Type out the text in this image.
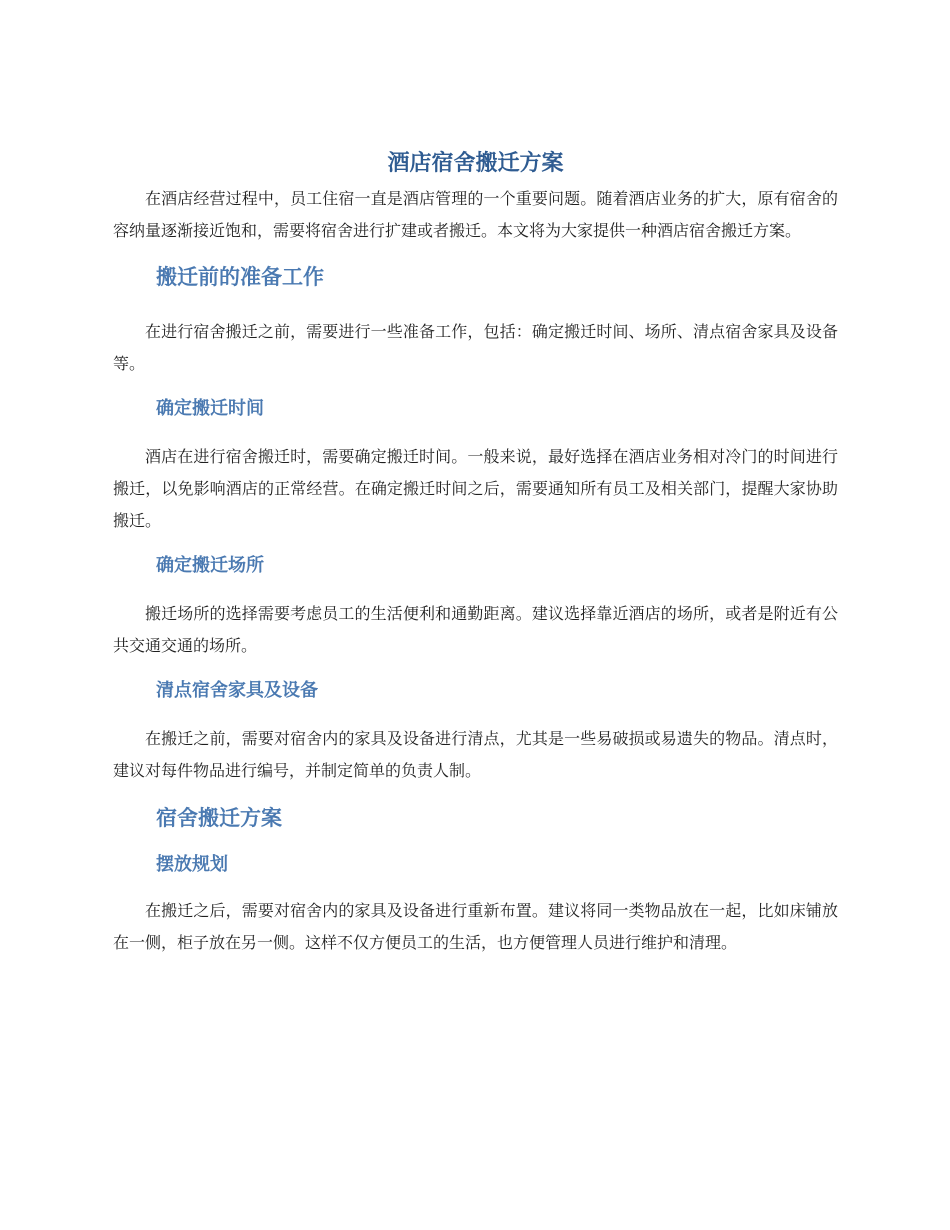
酒店宿舍搬迁方案

在酒店经营过程中，员工住宿一直是酒店管理的一个重要问题。随着酒店业务的扩大，原有宿舍的容纳量逐渐接近饱和，需要将宿舍进行扩建或者搬迁。本文将为大家提供一种酒店宿舍搬迁方案。

搬迁前的准备工作

在进行宿舍搬迁之前，需要进行一些准备工作，包括：确定搬迁时间、场所、清点宿舍家具及设备等。

确定搬迁时间

酒店在进行宿舍搬迁时，需要确定搬迁时间。一般来说，最好选择在酒店业务相对冷门的时间进行搬迁，以免影响酒店的正常经营。在确定搬迁时间之后，需要通知所有员工及相关部门，提醒大家协助搬迁。

确定搬迁场所

搬迁场所的选择需要考虑员工的生活便利和通勤距离。建议选择靠近酒店的场所，或者是附近有公共交通交通的场所。

清点宿舍家具及设备

在搬迁之前，需要对宿舍内的家具及设备进行清点，尤其是一些易破损或易遗失的物品。清点时，建议对每件物品进行编号，并制定简单的负责人制。

宿舍搬迁方案
摆放规划

在搬迁之后，需要对宿舍内的家具及设备进行重新布置。建议将同一类物品放在一起，比如床铺放在一侧，柜子放在另一侧。这样不仅方便员工的生活，也方便管理人员进行维护和清理。
